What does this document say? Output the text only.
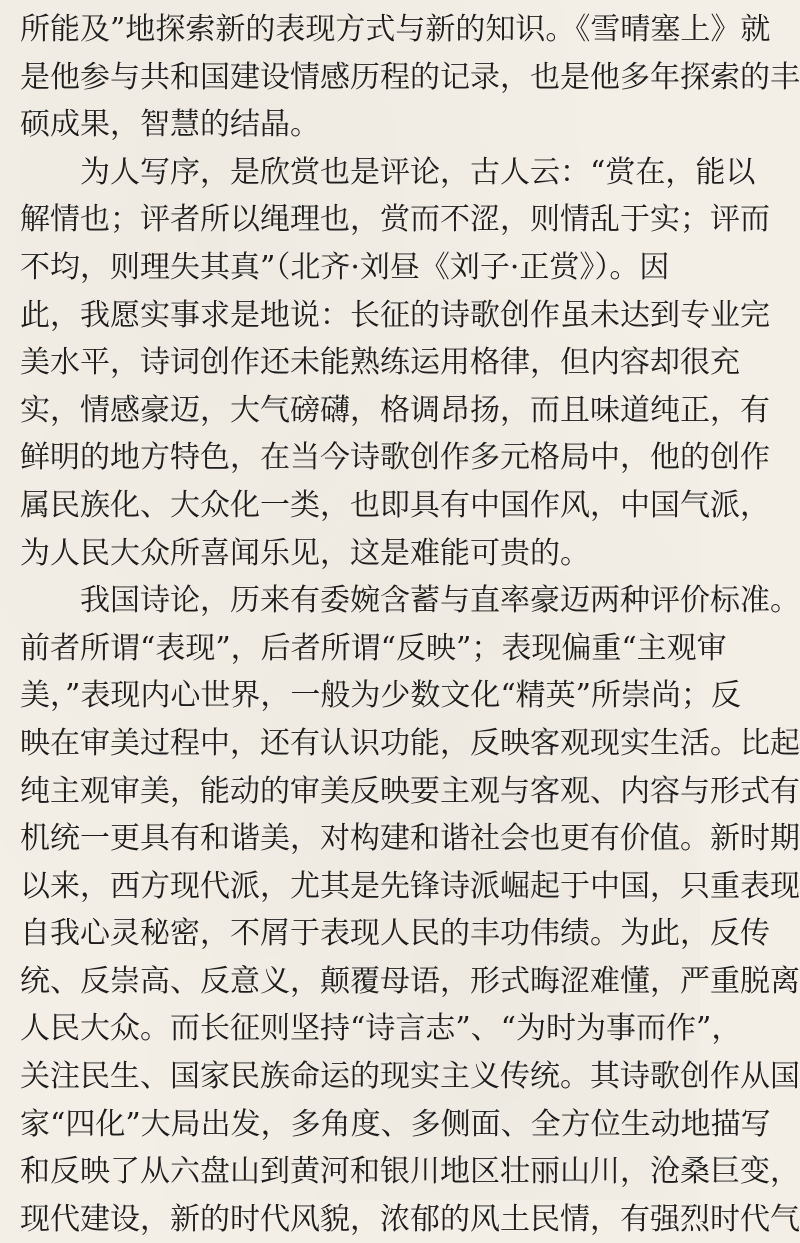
所能及”地探索新的表现方式与新的知识。《雪晴塞上》就
是他参与共和国建设情感历程的记录，也是他多年探索的丰
硕成果，智慧的结晶。
为人写序，是欣赏也是评论，古人云：“赏在，能以
解情也；评者所以绳理也，赏而不涩，则情乱于实；评而
不均，则理失其真”（北齐·刘昼《刘子·正赏》）。因
此，我愿实事求是地说：长征的诗歌创作虽未达到专业完
美水平，诗词创作还未能熟练运用格律，但内容却很充
实，情感豪迈，大气磅礴，格调昂扬，而且味道纯正，有
鲜明的地方特色，在当今诗歌创作多元格局中，他的创作
属民族化、大众化一类，也即具有中国作风，中国气派，
为人民大众所喜闻乐见，这是难能可贵的。
我国诗论，历来有委婉含蓄与直率豪迈两种评价标准。
前者所谓“表现”，后者所谓“反映”；表现偏重“主观审
美，”表现内心世界，一般为少数文化“精英”所崇尚；反
映在审美过程中，还有认识功能，反映客观现实生活。比起
纯主观审美，能动的审美反映要主观与客观、内容与形式有
机统一更具有和谐美，对构建和谐社会也更有价值。新时期
以来，西方现代派，尤其是先锋诗派崛起于中国，只重表现
自我心灵秘密，不屑于表现人民的丰功伟绩。为此，反传
统、反崇高、反意义，颠覆母语，形式晦涩难懂，严重脱离
人民大众。而长征则坚持“诗言志”、“为时为事而作”，
关注民生、国家民族命运的现实主义传统。其诗歌创作从国
家“四化”大局出发，多角度、多侧面、全方位生动地描写
和反映了从六盘山到黄河和银川地区壮丽山川，沧桑巨变，
现代建设，新的时代风貌，浓郁的风土民情，有强烈时代气
